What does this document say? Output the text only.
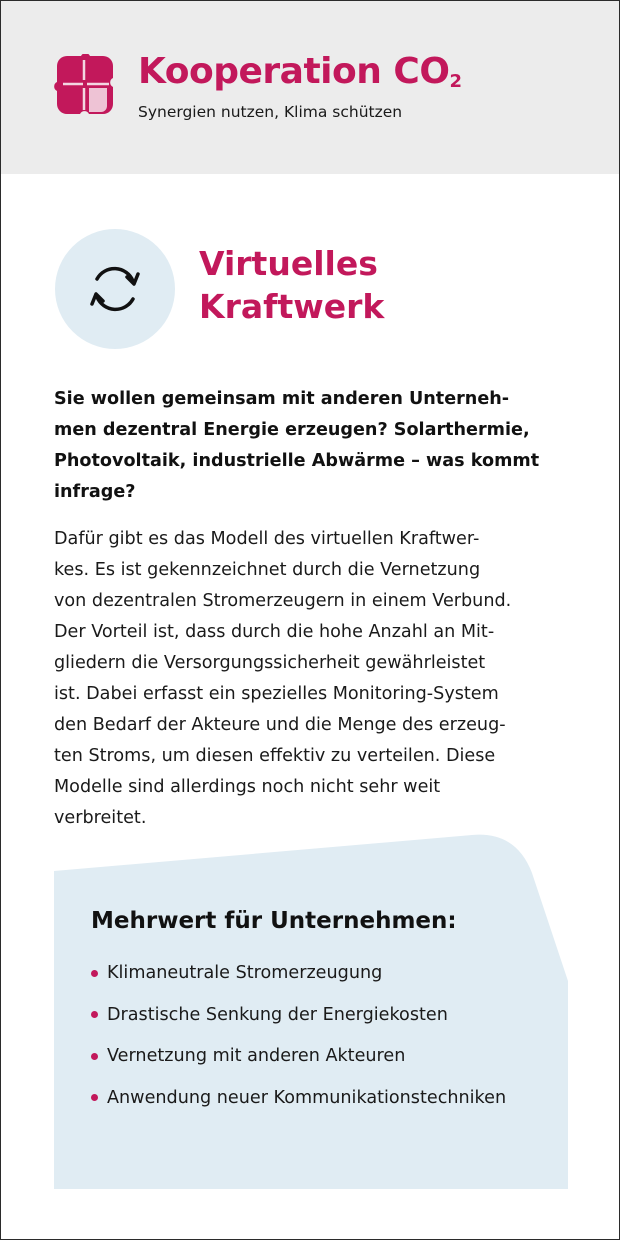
Kooperation $CO_2$
Synergien nutzen, Klima schützen
Virtuelles
Kraftwerk
Sie wollen gemeinsam mit anderen Unterneh-
men dezentral Energie erzeugen? Solarthermie,
Photovoltaik, industrielle Abwärme – was kommt
infrage?
Dafür gibt es das Modell des virtuellen Kraftwer-
kes. Es ist gekennzeichnet durch die Vernetzung
von dezentralen Stromerzeugern in einem Verbund.
Der Vorteil ist, dass durch die hohe Anzahl an Mit-
gliedern die Versorgungssicherheit gewährleistet
ist. Dabei erfasst ein spezielles Monitoring-System
den Bedarf der Akteure und die Menge des erzeug-
ten Stroms, um diesen effektiv zu verteilen. Diese
Modelle sind allerdings noch nicht sehr weit
verbreitet.
Mehrwert für Unternehmen:
Klimaneutrale Stromerzeugung
Drastische Senkung der Energiekosten
Vernetzung mit anderen Akteuren
Anwendung neuer Kommunikationstechniken
